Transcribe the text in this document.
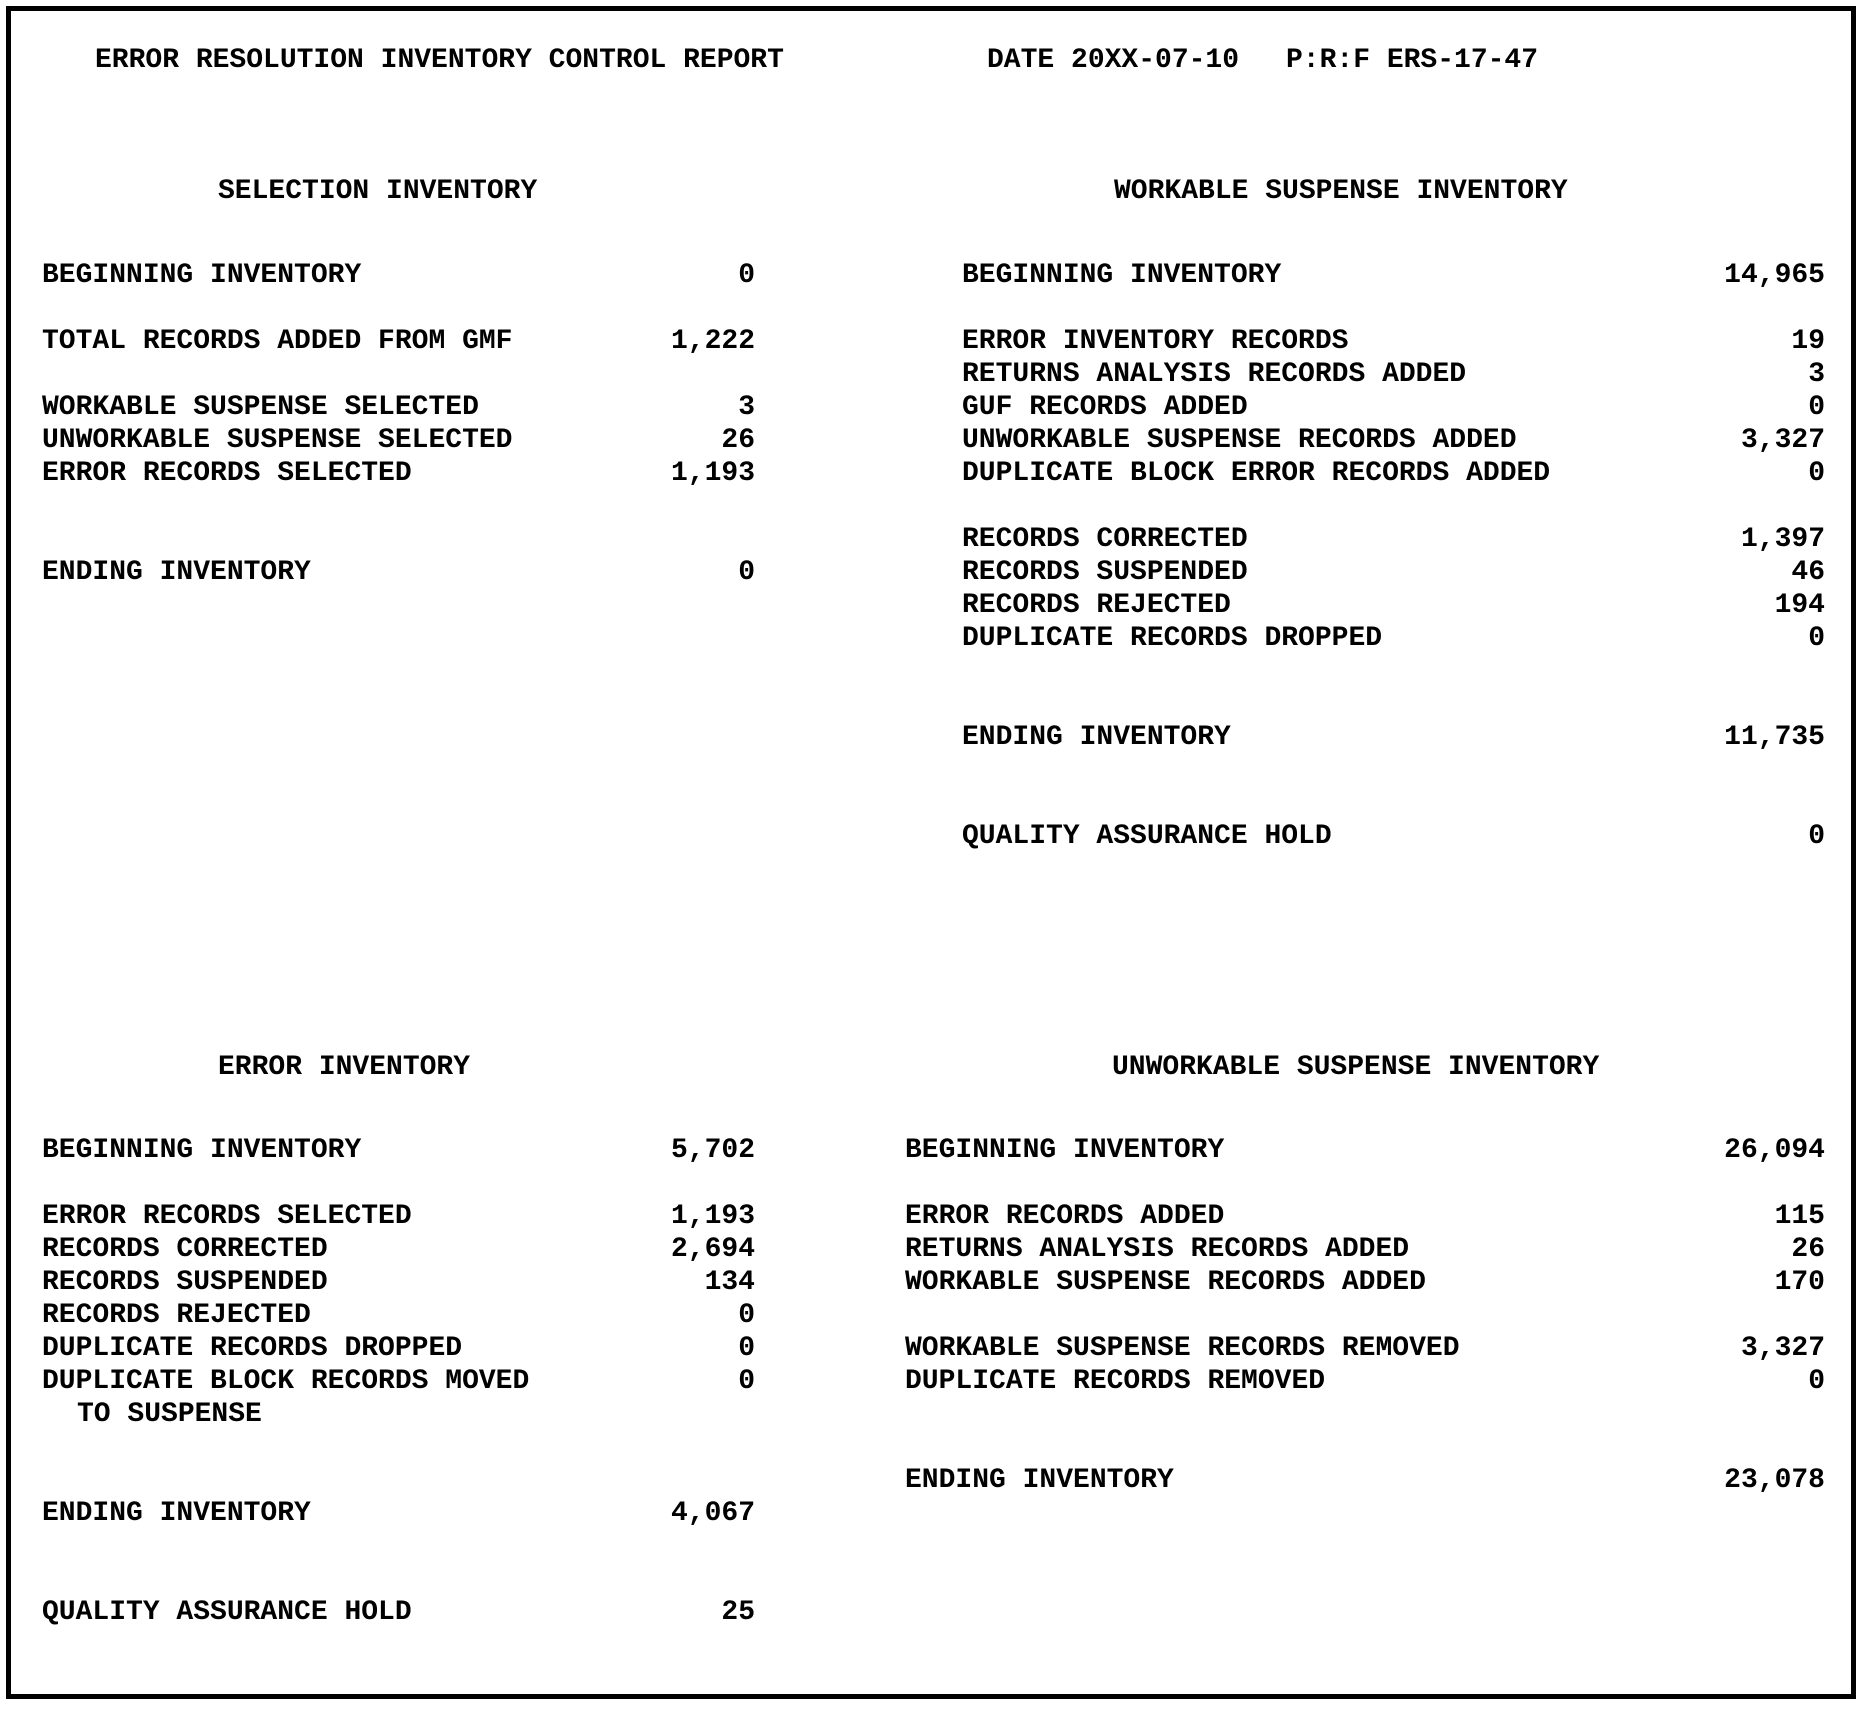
ERROR RESOLUTION INVENTORY CONTROL REPORT	DATE 20XX-07-10 P:R:F ERS-17-47
SELECTION INVENTORY
BEGINNING INVENTORY	0
TOTAL RECORDS ADDED FROM GMF	1,222
WORKABLE SUSPENSE SELECTED	3
UNWORKABLE SUSPENSE SELECTED	26
ERROR RECORDS SELECTED	1,193
ENDING INVENTORY	0
WORKABLE SUSPENSE INVENTORY
BEGINNING INVENTORY	14,965
ERROR INVENTORY RECORDS	19
RETURNS ANALYSIS RECORDS ADDED	3
GUF RECORDS ADDED	0
UNWORKABLE SUSPENSE RECORDS ADDED	3,327
DUPLICATE BLOCK ERROR RECORDS ADDED	0
RECORDS CORRECTED	1,397
RECORDS SUSPENDED	46
RECORDS REJECTED	194
DUPLICATE RECORDS DROPPED	0
ENDING INVENTORY	11,735
QUALITY ASSURANCE HOLD	0
ERROR INVENTORY
BEGINNING INVENTORY	5,702
ERROR RECORDS SELECTED	1,193
RECORDS CORRECTED	2,694
RECORDS SUSPENDED	134
RECORDS REJECTED	0
DUPLICATE RECORDS DROPPED	0
DUPLICATE BLOCK RECORDS MOVED	0
TO SUSPENSE
ENDING INVENTORY	4,067
QUALITY ASSURANCE HOLD	25
UNWORKABLE SUSPENSE INVENTORY
BEGINNING INVENTORY	26,094
ERROR RECORDS ADDED	115
RETURNS ANALYSIS RECORDS ADDED	26
WORKABLE SUSPENSE RECORDS ADDED	170
WORKABLE SUSPENSE RECORDS REMOVED	3,327
DUPLICATE RECORDS REMOVED	0
ENDING INVENTORY	23,078
